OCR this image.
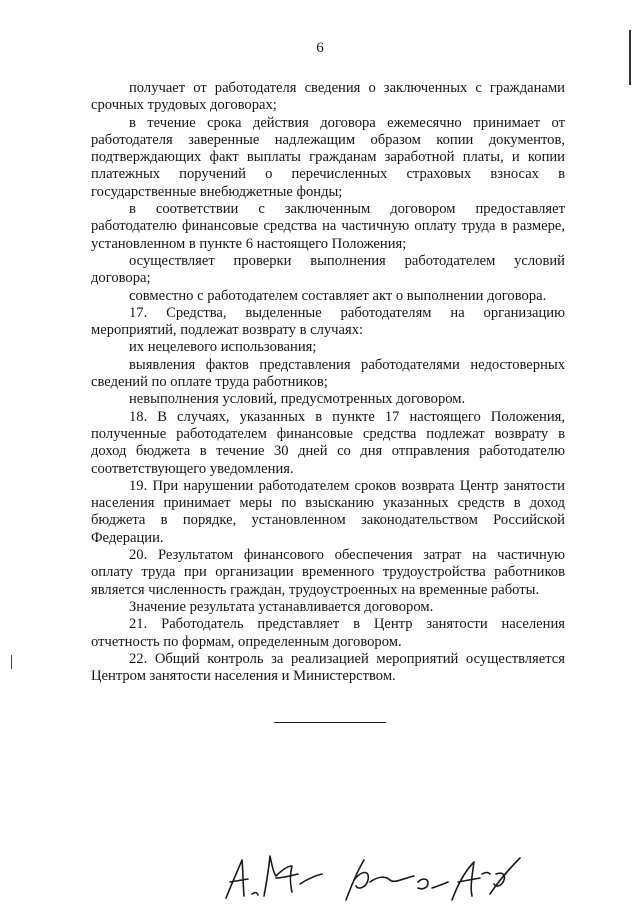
6

получает от работодателя сведения о заключенных с гражданами срочных трудовых договорах;

в течение срока действия договора ежемесячно принимает от работодателя заверенные надлежащим образом копии документов, подтверждающих факт выплаты гражданам заработной платы, и копии платежных поручений о перечисленных страховых взносах в государственные внебюджетные фонды;

в соответствии с заключенным договором предоставляет работодателю финансовые средства на частичную оплату труда в размере, установленном в пункте 6 настоящего Положения;

осуществляет проверки выполнения работодателем условий договора;

совместно с работодателем составляет акт о выполнении договора.

17. Средства, выделенные работодателям на организацию мероприятий, подлежат возврату в случаях:

их нецелевого использования;

выявления фактов представления работодателями недостоверных сведений по оплате труда работников;

невыполнения условий, предусмотренных договором.

18. В случаях, указанных в пункте 17 настоящего Положения, полученные работодателем финансовые средства подлежат возврату в доход бюджета в течение 30 дней со дня отправления работодателю соответствующего уведомления.

19. При нарушении работодателем сроков возврата Центр занятости населения принимает меры по взысканию указанных средств в доход бюджета в порядке, установленном законодательством Российской Федерации.

20. Результатом финансового обеспечения затрат на частичную оплату труда при организации временного трудоустройства работников является численность граждан, трудоустроенных на временные работы.

Значение результата устанавливается договором.

21. Работодатель представляет в Центр занятости населения отчетность по формам, определенным договором.

22. Общий контроль за реализацией мероприятий осуществляется Центром занятости населения и Министерством.
